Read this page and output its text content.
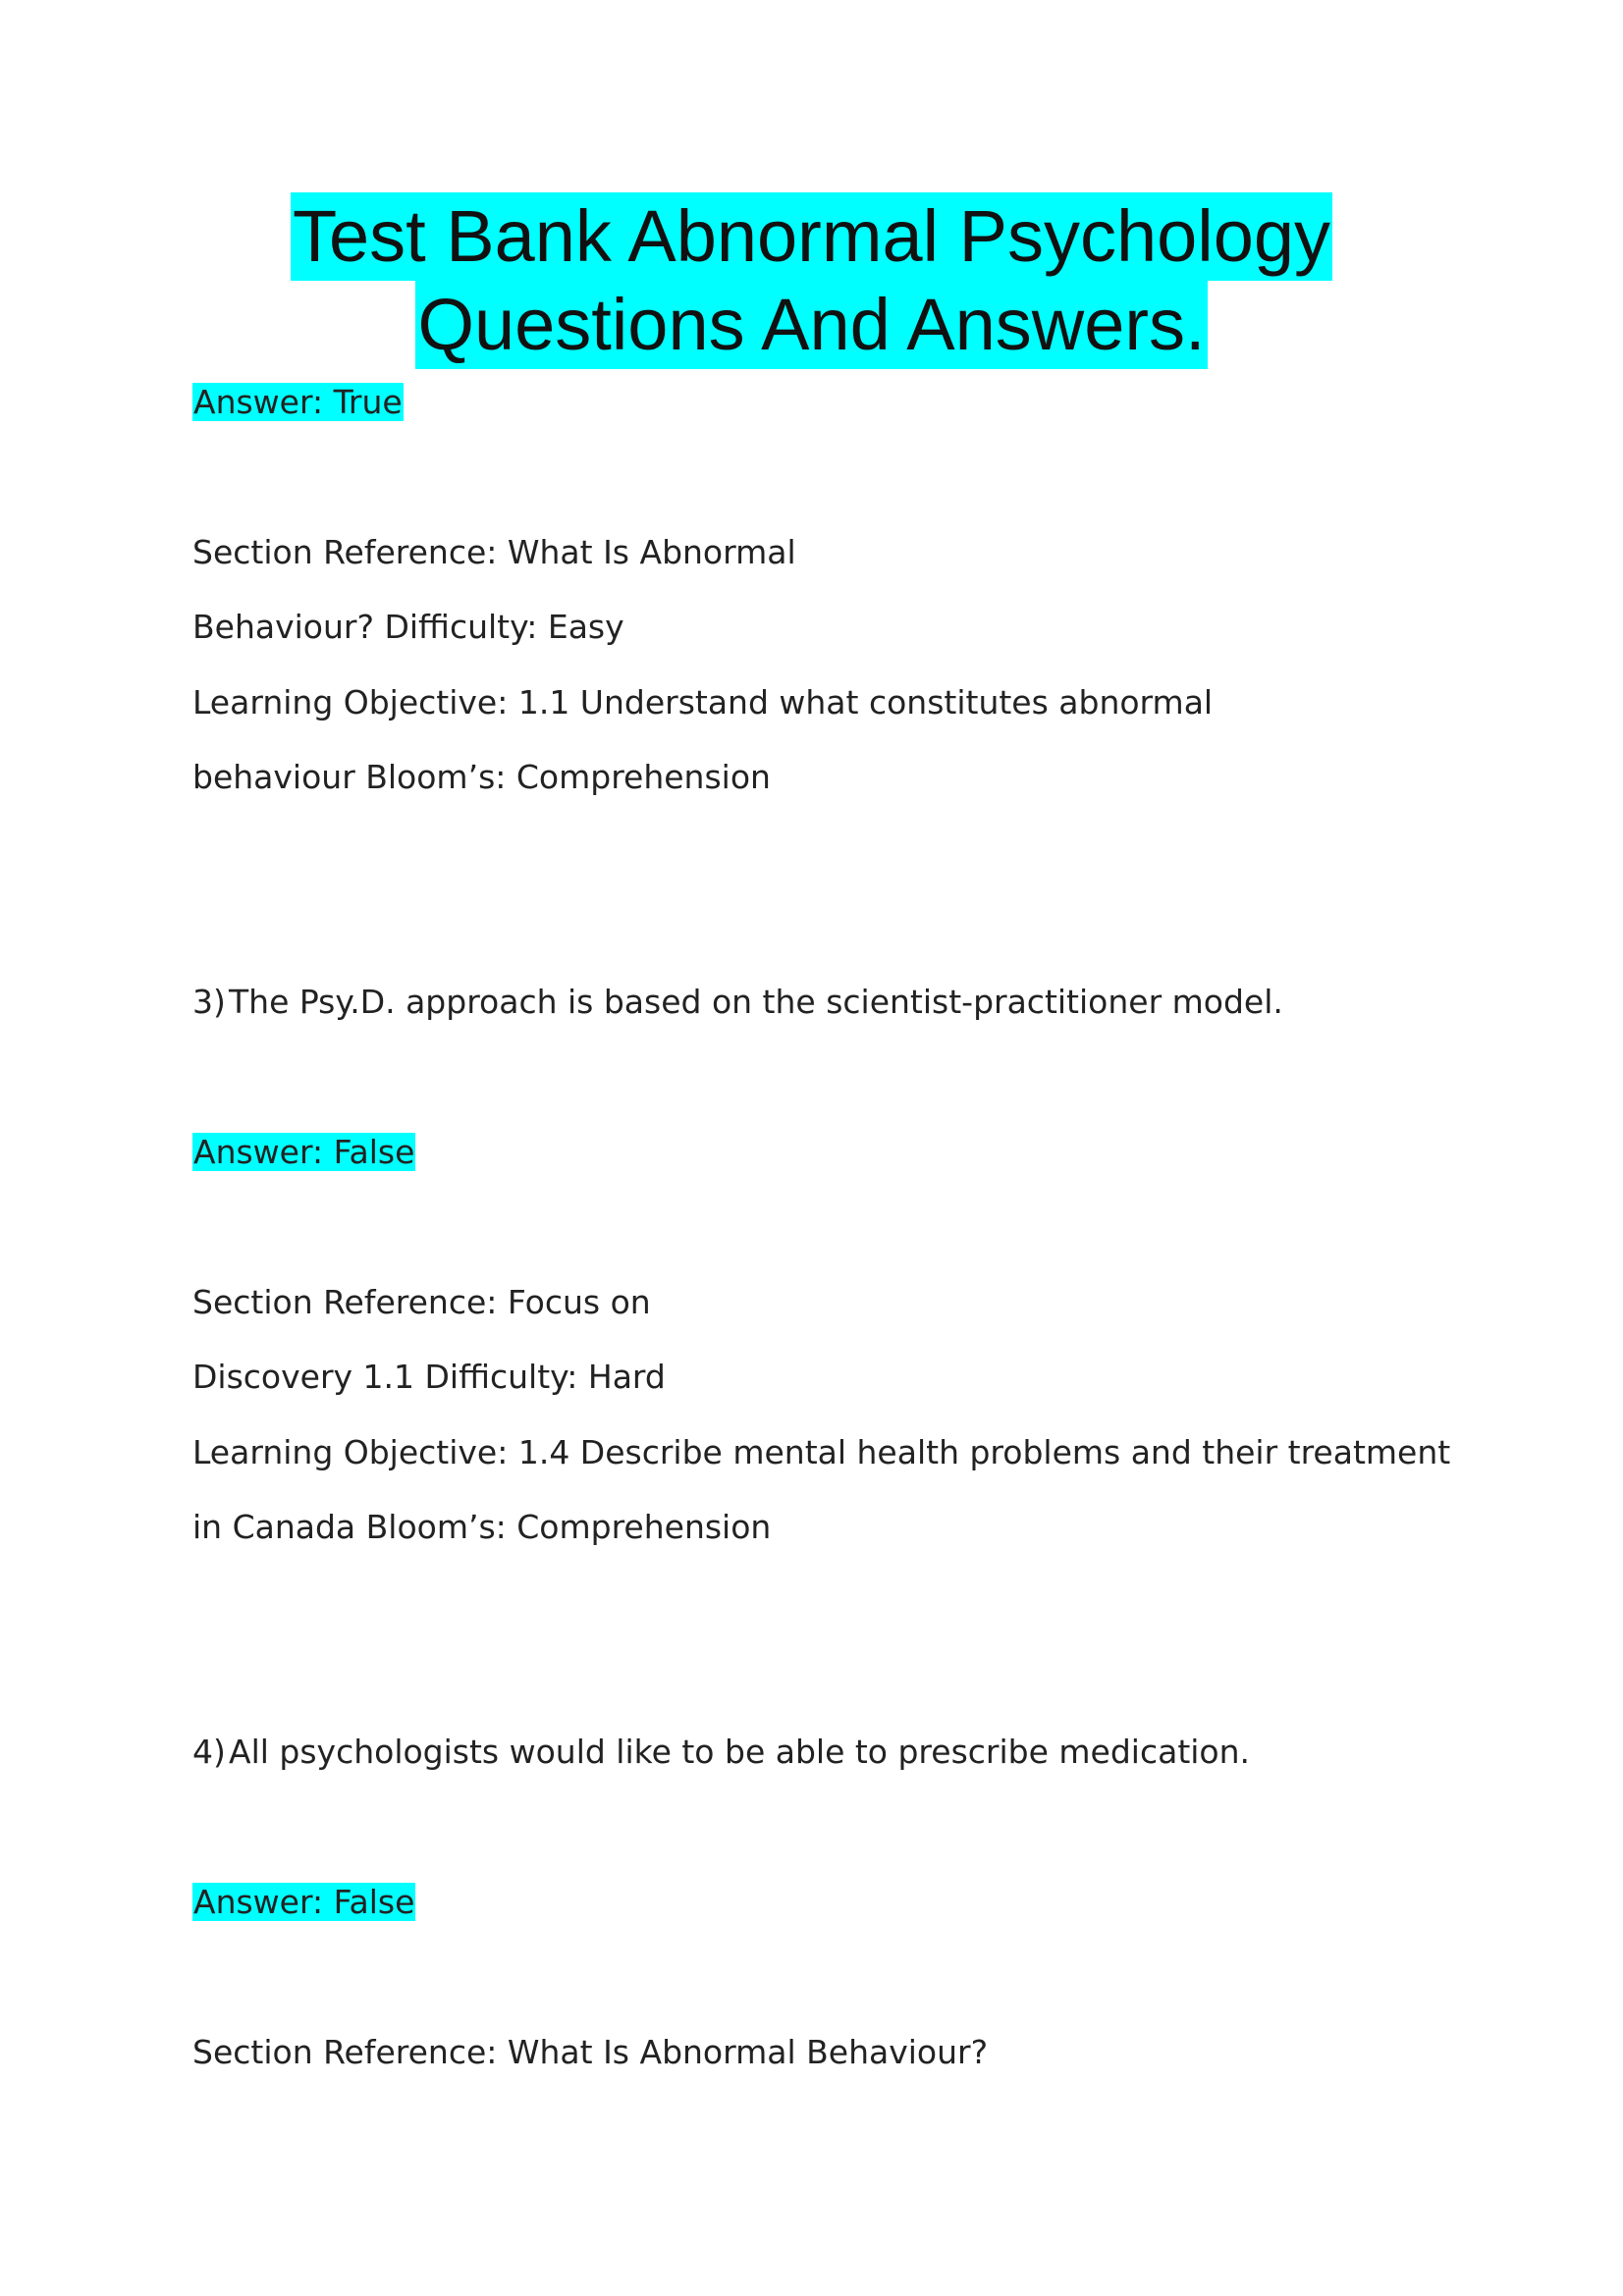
Test Bank Abnormal Psychology
Questions And Answers.
Answer: True
Section Reference: What Is Abnormal
Behaviour? Difficulty: Easy
Learning Objective: 1.1 Understand what constitutes abnormal
behaviour Bloom’s: Comprehension
3)The Psy.D. approach is based on the scientist-practitioner model.
Answer: False
Section Reference: Focus on
Discovery 1.1 Difficulty: Hard
Learning Objective: 1.4 Describe mental health problems and their treatment
in Canada Bloom’s: Comprehension
4)All psychologists would like to be able to prescribe medication.
Answer: False
Section Reference: What Is Abnormal Behaviour?
